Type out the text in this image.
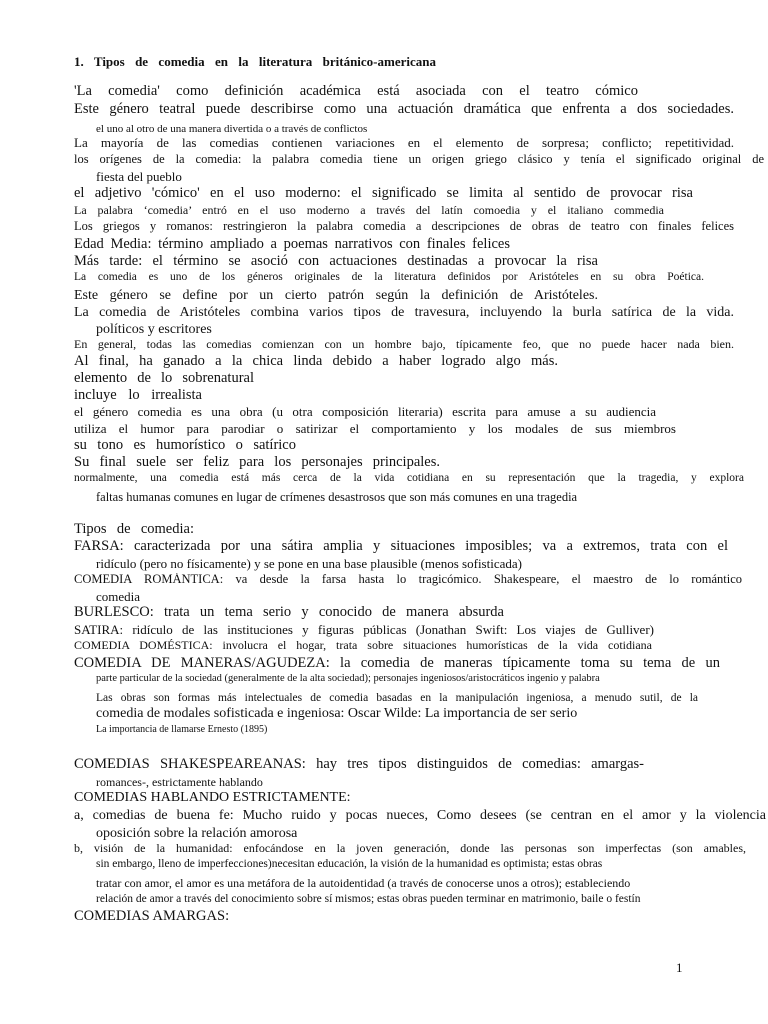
1. Tipos de comedia en la literatura británico-americana
'La comedia' como definición académica está asociada con el teatro cómico
Este género teatral puede describirse como una actuación dramática que enfrenta a dos sociedades.
el uno al otro de una manera divertida o a través de conflictos
La mayoría de las comedias contienen variaciones en el elemento de sorpresa; conflicto; repetitividad.
los orígenes de la comedia: la palabra comedia tiene un origen griego clásico y tenía el significado original de
fiesta del pueblo
el adjetivo 'cómico' en el uso moderno: el significado se limita al sentido de provocar risa
La palabra ‘comedia’ entró en el uso moderno a través del latín comoedia y el italiano commedia
Los griegos y romanos: restringieron la palabra comedia a descripciones de obras de teatro con finales felices
Edad Media: término ampliado a poemas narrativos con finales felices
Más tarde: el término se asoció con actuaciones destinadas a provocar la risa
La comedia es uno de los géneros originales de la literatura definidos por Aristóteles en su obra Poética.
Este género se define por un cierto patrón según la definición de Aristóteles.
La comedia de Aristóteles combina varios tipos de travesura, incluyendo la burla satírica de la vida.
políticos y escritores
En general, todas las comedias comienzan con un hombre bajo, típicamente feo, que no puede hacer nada bien.
Al final, ha ganado a la chica linda debido a haber logrado algo más.
elemento de lo sobrenatural
incluye lo irrealista
el género comedia es una obra (u otra composición literaria) escrita para amuse a su audiencia
utiliza el humor para parodiar o satirizar el comportamiento y los modales de sus miembros
su tono es humorístico o satírico
Su final suele ser feliz para los personajes principales.
normalmente, una comedia está más cerca de la vida cotidiana en su representación que la tragedia, y explora
faltas humanas comunes en lugar de crímenes desastrosos que son más comunes en una tragedia
Tipos de comedia:
FARSA: caracterizada por una sátira amplia y situaciones imposibles; va a extremos, trata con el
ridículo (pero no físicamente) y se pone en una base plausible (menos sofisticada)
COMEDIA ROMÁNTICA: va desde la farsa hasta lo tragicómico. Shakespeare, el maestro de lo romántico
comedia
BURLESCO: trata un tema serio y conocido de manera absurda
SATIRA: ridículo de las instituciones y figuras públicas (Jonathan Swift: Los viajes de Gulliver)
COMEDIA DOMÉSTICA: involucra el hogar, trata sobre situaciones humorísticas de la vida cotidiana
COMEDIA DE MANERAS/AGUDEZA: la comedia de maneras típicamente toma su tema de un
parte particular de la sociedad (generalmente de la alta sociedad); personajes ingeniosos/aristocráticos ingenio y palabra
Las obras son formas más intelectuales de comedia basadas en la manipulación ingeniosa, a menudo sutil, de la
comedia de modales sofisticada e ingeniosa: Oscar Wilde: La importancia de ser serio
La importancia de llamarse Ernesto (1895)
COMEDIAS SHAKESPEAREANAS: hay tres tipos distinguidos de comedias: amargas-
romances-, estrictamente hablando
COMEDIAS HABLANDO ESTRICTAMENTE:
a, comedias de buena fe: Mucho ruido y pocas nueces, Como desees (se centran en el amor y la violencia
oposición sobre la relación amorosa
b, visión de la humanidad: enfocándose en la joven generación, donde las personas son imperfectas (son amables,
sin embargo, lleno de imperfecciones)necesitan educación, la visión de la humanidad es optimista; estas obras
tratar con amor, el amor es una metáfora de la autoidentidad (a través de conocerse unos a otros); estableciendo
relación de amor a través del conocimiento sobre sí mismos; estas obras pueden terminar en matrimonio, baile o festín
COMEDIAS AMARGAS:
1
